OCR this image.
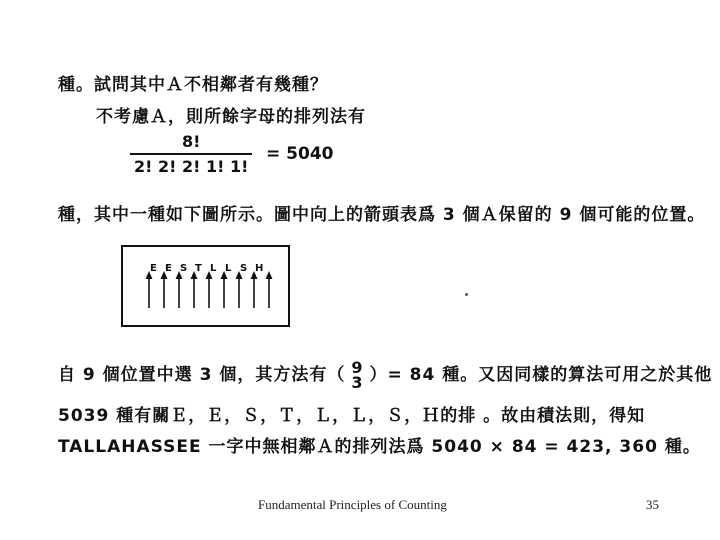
種。試問其中Ａ不相鄰者有幾種？
不考慮Ａ，則所餘字母的排列法有
$\frac{8!}{2! 2! 2! 1! 1!} = 5040$
種，其中一種如下圖所示。圖中向上的箭頭表爲 3 個Ａ保留的 9 個可能的位置。
E E S T L L S H
自 9 個位置中選 3 個，其方法有（ 9
3 ）= 84 種。又因同樣的算法可用之於其他
5039 種有關Ｅ，Ｅ，Ｓ，Ｔ，Ｌ，Ｌ，Ｓ，Ｈ的排 。故由積法則，得知
TALLAHASSEE 一字中無相鄰Ａ的排列法爲 5040 × 84 = 423, 360 種。
Fundamental Principles of Counting	35
